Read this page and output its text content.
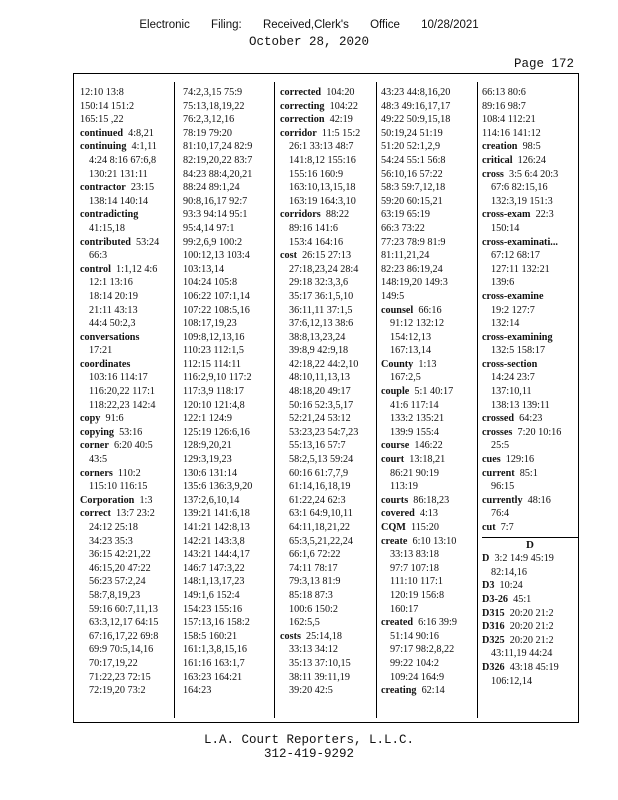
Electronic Filing: Received,Clerk's Office 10/28/2021
October 28, 2020
Page 172
12:10 13:8
150:14 151:2
165:15 ,22
continued 4:8,21
continuing 4:1,11
4:24 8:16 67:6,8
130:21 131:11
contractor 23:15
138:14 140:14
contradicting
41:15,18
contributed 53:24
66:3
control 1:1,12 4:6
12:1 13:16
18:14 20:19
21:11 43:13
44:4 50:2,3
conversations
17:21
coordinates
103:16 114:17
116:20,22 117:1
118:22,23 142:4
copy 91:6
copying 53:16
corner 6:20 40:5
43:5
corners 110:2
115:10 116:15
Corporation 1:3
correct 13:7 23:2
24:12 25:18
34:23 35:3
36:15 42:21,22
46:15,20 47:22
56:23 57:2,24
58:7,8,19,23
59:16 60:7,11,13
63:3,12,17 64:15
67:16,17,22 69:8
69:9 70:5,14,16
70:17,19,22
71:22,23 72:15
72:19,20 73:2
74:2,3,15 75:9
75:13,18,19,22
76:2,3,12,16
78:19 79:20
81:10,17,24 82:9
82:19,20,22 83:7
84:23 88:4,20,21
88:24 89:1,24
90:8,16,17 92:7
93:3 94:14 95:1
95:4,14 97:1
99:2,6,9 100:2
100:12,13 103:4
103:13,14
104:24 105:8
106:22 107:1,14
107:22 108:5,16
108:17,19,23
109:8,12,13,16
110:23 112:1,5
112:15 114:11
116:2,9,10 117:2
117:3,9 118:17
120:10 121:4,8
122:1 124:9
125:19 126:6,16
128:9,20,21
129:3,19,23
130:6 131:14
135:6 136:3,9,20
137:2,6,10,14
139:21 141:6,18
141:21 142:8,13
142:21 143:3,8
143:21 144:4,17
146:7 147:3,22
148:1,13,17,23
149:1,6 152:4
154:23 155:16
157:13,16 158:2
158:5 160:21
161:1,3,8,15,16
161:16 163:1,7
163:23 164:21
164:23
corrected 104:20
correcting 104:22
correction 42:19
corridor 11:5 15:2
26:1 33:13 48:7
141:8,12 155:16
155:16 160:9
163:10,13,15,18
163:19 164:3,10
corridors 88:22
89:16 141:6
153:4 164:16
cost 26:15 27:13
27:18,23,24 28:4
29:18 32:3,3,6
35:17 36:1,5,10
36:11,11 37:1,5
37:6,12,13 38:6
38:8,13,23,24
39:8,9 42:9,18
42:18,22 44:2,10
48:10,11,13,13
48:18,20 49:17
50:16 52:3,5,17
52:21,24 53:12
53:23,23 54:7,23
55:13,16 57:7
58:2,5,13 59:24
60:16 61:7,7,9
61:14,16,18,19
61:22,24 62:3
63:1 64:9,10,11
64:11,18,21,22
65:3,5,21,22,24
66:1,6 72:22
74:11 78:17
79:3,13 81:9
85:18 87:3
100:6 150:2
162:5,5
costs 25:14,18
33:13 34:12
35:13 37:10,15
38:11 39:11,19
39:20 42:5
43:23 44:8,16,20
48:3 49:16,17,17
49:22 50:9,15,18
50:19,24 51:19
51:20 52:1,2,9
54:24 55:1 56:8
56:10,16 57:22
58:3 59:7,12,18
59:20 60:15,21
63:19 65:19
66:3 73:22
77:23 78:9 81:9
81:11,21,24
82:23 86:19,24
148:19,20 149:3
149:5
counsel 66:16
91:12 132:12
154:12,13
167:13,14
County 1:13
167:2,5
couple 5:1 40:17
41:6 117:14
133:2 135:21
139:9 155:4
course 146:22
court 13:18,21
86:21 90:19
113:19
courts 86:18,23
covered 4:13
CQM 115:20
create 6:10 13:10
33:13 83:18
97:7 107:18
111:10 117:1
120:19 156:8
160:17
created 6:16 39:9
51:14 90:16
97:17 98:2,8,22
99:22 104:2
109:24 164:9
creating 62:14
66:13 80:6
89:16 98:7
108:4 112:21
114:16 141:12
creation 98:5
critical 126:24
cross 3:5 6:4 20:3
67:6 82:15,16
132:3,19 151:3
cross-exam 22:3
150:14
cross-examinati...
67:12 68:17
127:11 132:21
139:6
cross-examine
19:2 127:7
132:14
cross-examining
132:5 158:17
cross-section
14:24 23:7
137:10,11
138:13 139:11
crossed 64:23
crosses 7:20 10:16
25:5
cues 129:16
current 85:1
96:15
currently 48:16
76:4
cut 7:7
D
D 3:2 14:9 45:19
82:14,16
D3 10:24
D3-26 45:1
D315 20:20 21:2
D316 20:20 21:2
D325 20:20 21:2
43:11,19 44:24
D326 43:18 45:19
106:12,14
L.A. Court Reporters, L.L.C.
312-419-9292
